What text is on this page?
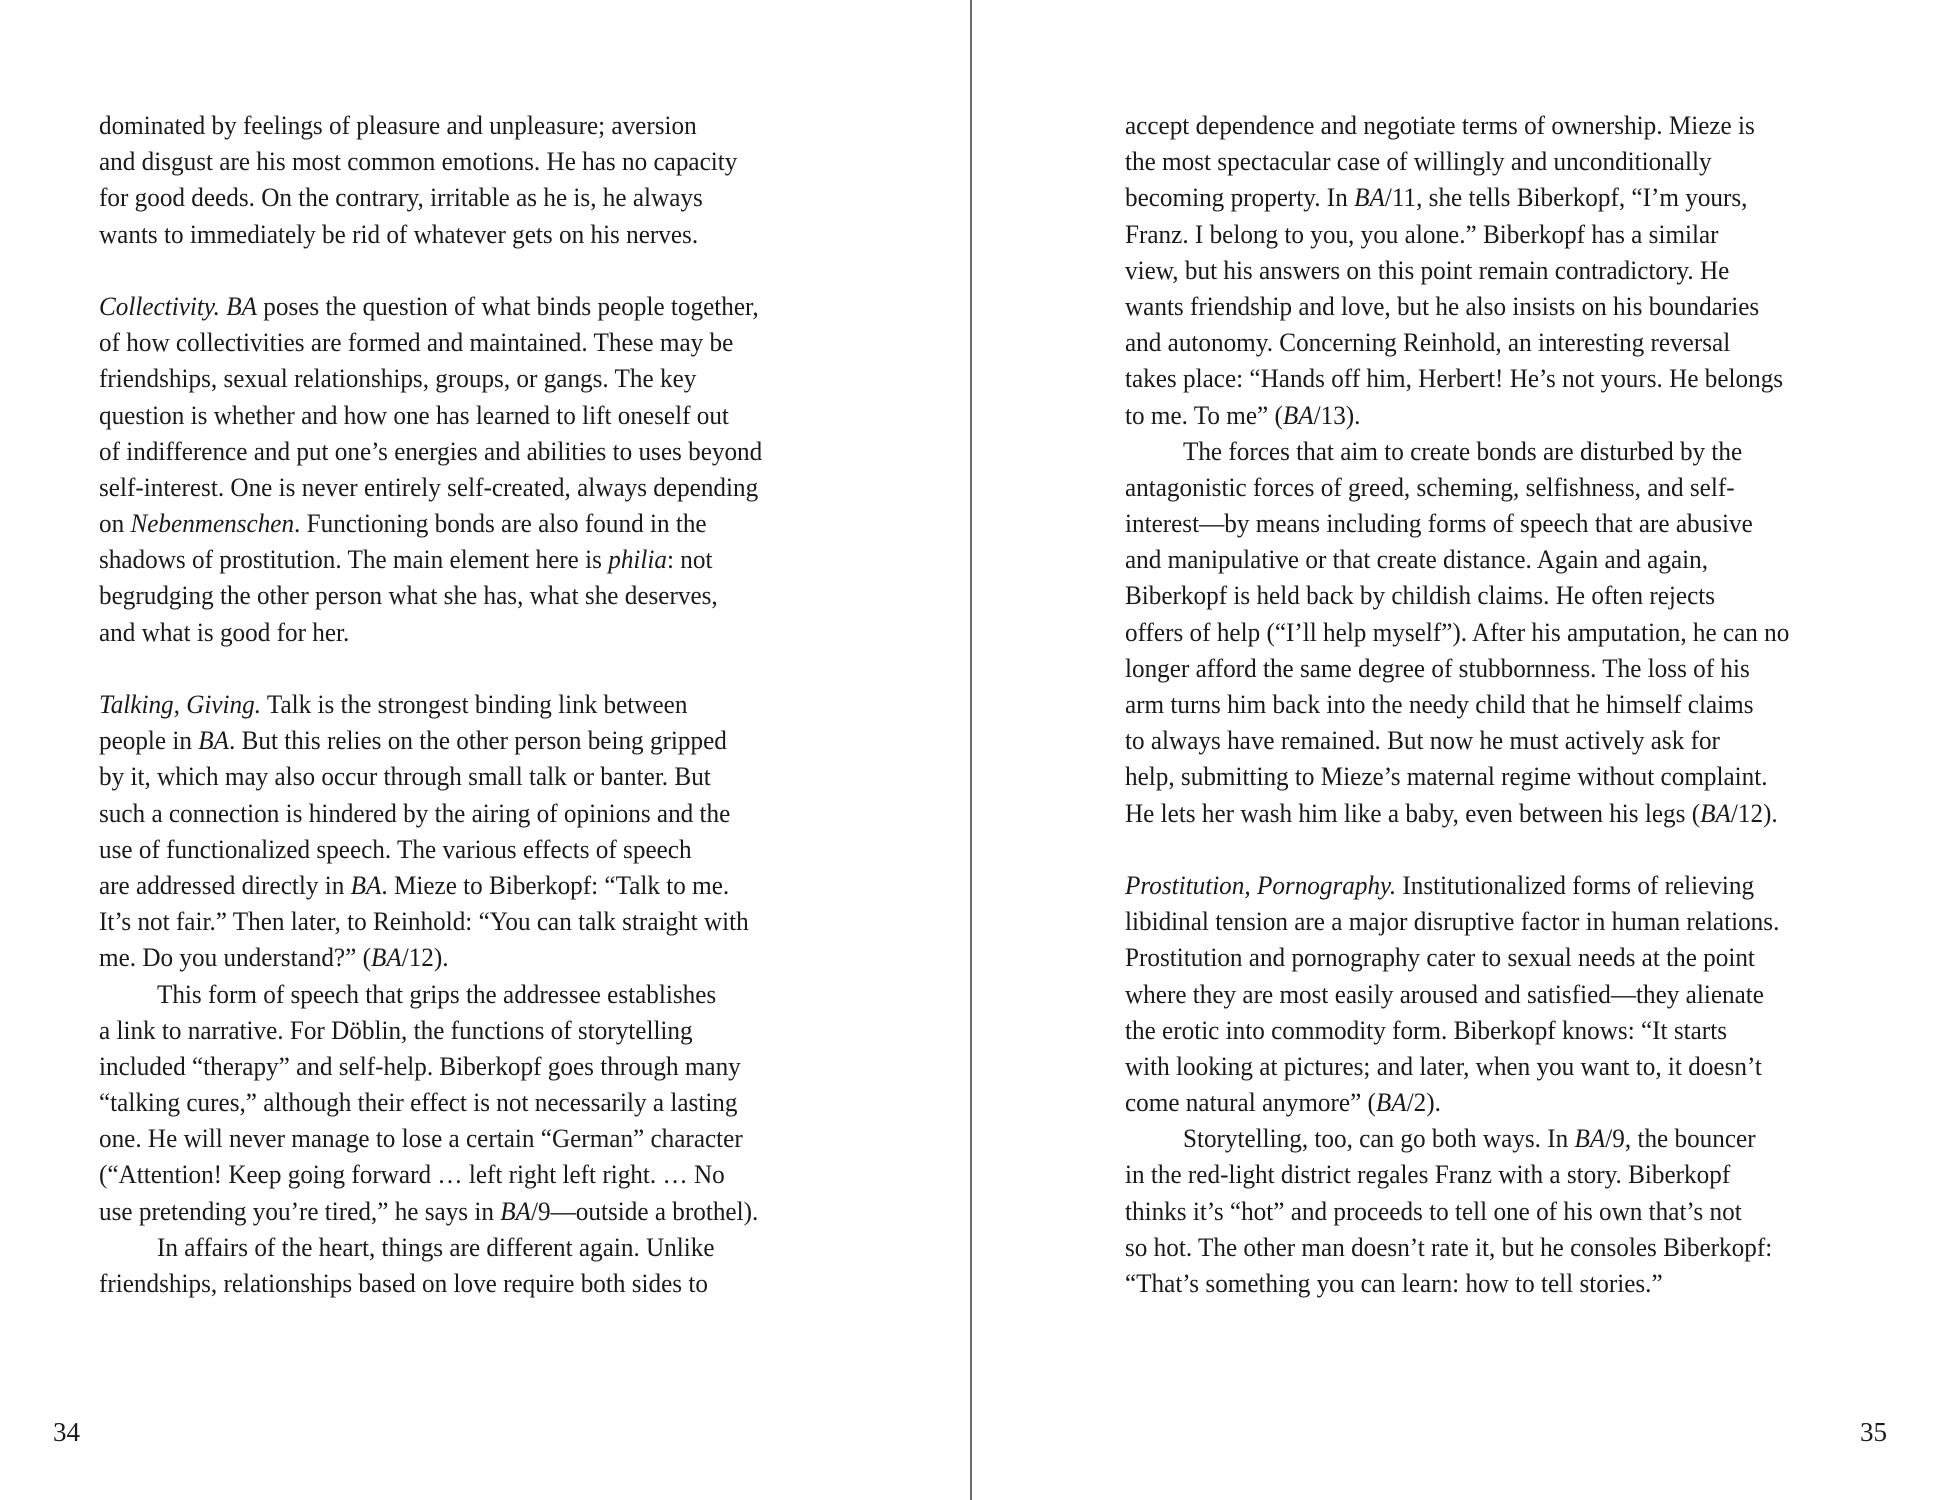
dominated by feelings of pleasure and unpleasure; aversion
and disgust are his most common emotions. He has no capacity
for good deeds. On the contrary, irritable as he is, he always
wants to immediately be rid of whatever gets on his nerves.
Collectivity. BA poses the question of what binds people together,
of how collectivities are formed and maintained. These may be
friendships, sexual relationships, groups, or gangs. The key
question is whether and how one has learned to lift oneself out
of indifference and put one’s energies and abilities to uses beyond
self-interest. One is never entirely self-created, always depending
on Nebenmenschen. Functioning bonds are also found in the
shadows of prostitution. The main element here is philia: not
begrudging the other person what she has, what she deserves,
and what is good for her.
Talking, Giving. Talk is the strongest binding link between
people in BA. But this relies on the other person being gripped
by it, which may also occur through small talk or banter. But
such a connection is hindered by the airing of opinions and the
use of functionalized speech. The various effects of speech
are addressed directly in BA. Mieze to Biberkopf: “Talk to me.
It’s not fair.” Then later, to Reinhold: “You can talk straight with
me. Do you understand?” (BA/12).
This form of speech that grips the addressee establishes
a link to narrative. For Döblin, the functions of storytelling
included “therapy” and self-help. Biberkopf goes through many
“talking cures,” although their effect is not necessarily a lasting
one. He will never manage to lose a certain “German” character
(“Attention! Keep going forward … left right left right. … No
use pretending you’re tired,” he says in BA/9—outside a brothel).
In affairs of the heart, things are different again. Unlike
friendships, relationships based on love require both sides to
accept dependence and negotiate terms of ownership. Mieze is
the most spectacular case of willingly and unconditionally
becoming property. In BA/11, she tells Biberkopf, “I’m yours,
Franz. I belong to you, you alone.” Biberkopf has a similar
view, but his answers on this point remain contradictory. He
wants friendship and love, but he also insists on his boundaries
and autonomy. Concerning Reinhold, an interesting reversal
takes place: “Hands off him, Herbert! He’s not yours. He belongs
to me. To me” (BA/13).
The forces that aim to create bonds are disturbed by the
antagonistic forces of greed, scheming, selfishness, and self-
interest—by means including forms of speech that are abusive
and manipulative or that create distance. Again and again,
Biberkopf is held back by childish claims. He often rejects
offers of help (“I’ll help myself”). After his amputation, he can no
longer afford the same degree of stubbornness. The loss of his
arm turns him back into the needy child that he himself claims
to always have remained. But now he must actively ask for
help, submitting to Mieze’s maternal regime without complaint.
He lets her wash him like a baby, even between his legs (BA/12).
Prostitution, Pornography. Institutionalized forms of relieving
libidinal tension are a major disruptive factor in human relations.
Prostitution and pornography cater to sexual needs at the point
where they are most easily aroused and satisfied—they alienate
the erotic into commodity form. Biberkopf knows: “It starts
with looking at pictures; and later, when you want to, it doesn’t
come natural anymore” (BA/2).
Storytelling, too, can go both ways. In BA/9, the bouncer
in the red-light district regales Franz with a story. Biberkopf
thinks it’s “hot” and proceeds to tell one of his own that’s not
so hot. The other man doesn’t rate it, but he consoles Biberkopf:
“That’s something you can learn: how to tell stories.”
34	35
